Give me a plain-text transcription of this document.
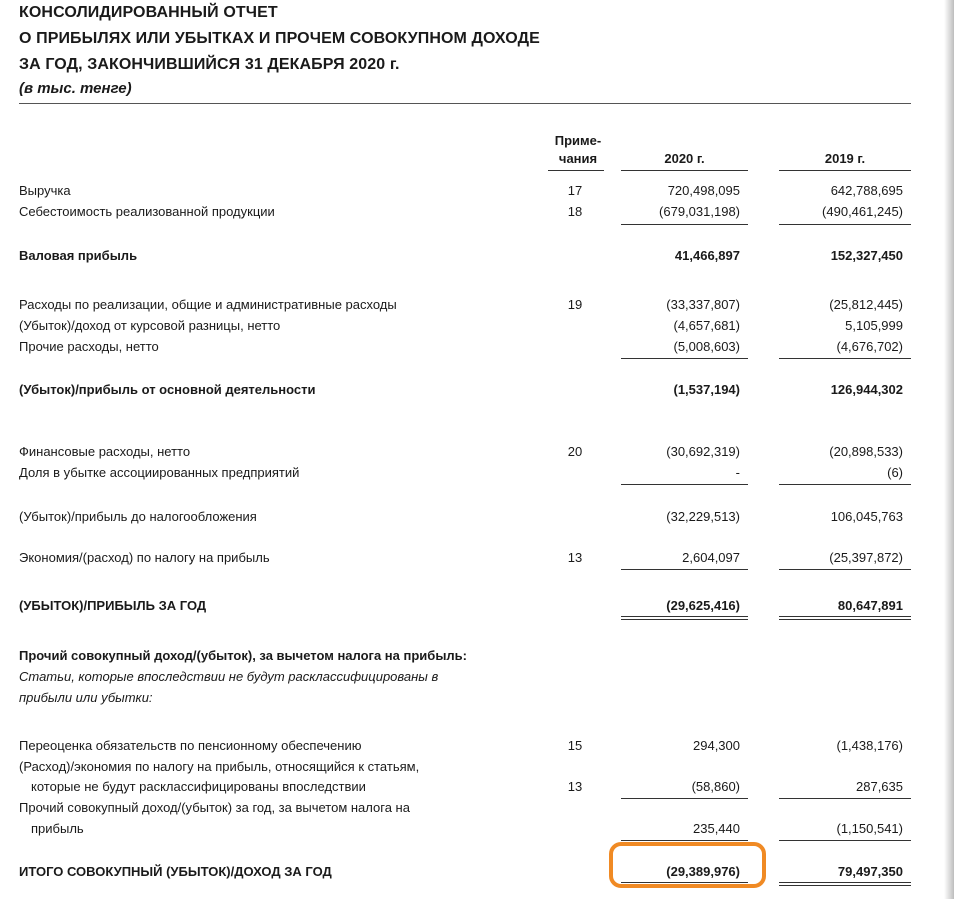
КОНСОЛИДИРОВАННЫЙ ОТЧЕТ
О ПРИБЫЛЯХ ИЛИ УБЫТКАХ И ПРОЧЕМ СОВОКУПНОМ ДОХОДЕ
ЗА ГОД, ЗАКОНЧИВШИЙСЯ 31 ДЕКАБРЯ 2020 г.
(в тыс. тенге)
Приме-
чания	2020 г.	2019 г.
Выручка	17	720,498,095	642,788,695
Себестоимость реализованной продукции	18	(679,031,198)	(490,461,245)
Валовая прибыль	41,466,897	152,327,450
Расходы по реализации, общие и административные расходы	19	(33,337,807)	(25,812,445)
(Убыток)/доход от курсовой разницы, нетто	(4,657,681)	5,105,999
Прочие расходы, нетто	(5,008,603)	(4,676,702)
(Убыток)/прибыль от основной деятельности	(1,537,194)	126,944,302
Финансовые расходы, нетто	20	(30,692,319)	(20,898,533)
Доля в убытке ассоциированных предприятий	-	(6)
(Убыток)/прибыль до налогообложения	(32,229,513)	106,045,763
Экономия/(расход) по налогу на прибыль	13	2,604,097	(25,397,872)
(УБЫТОК)/ПРИБЫЛЬ ЗА ГОД	(29,625,416)	80,647,891
Прочий совокупный доход/(убыток), за вычетом налога на прибыль:
Статьи, которые впоследствии не будут расклассифицированы в
прибыли или убытки:
Переоценка обязательств по пенсионному обеспечению	15	294,300	(1,438,176)
(Расход)/экономия по налогу на прибыль, относящийся к статьям,
которые не будут расклассифицированы впоследствии	13	(58,860)	287,635
Прочий совокупный доход/(убыток) за год, за вычетом налога на
прибыль	235,440	(1,150,541)
ИТОГО СОВОКУПНЫЙ (УБЫТОК)/ДОХОД ЗА ГОД	(29,389,976)	79,497,350
